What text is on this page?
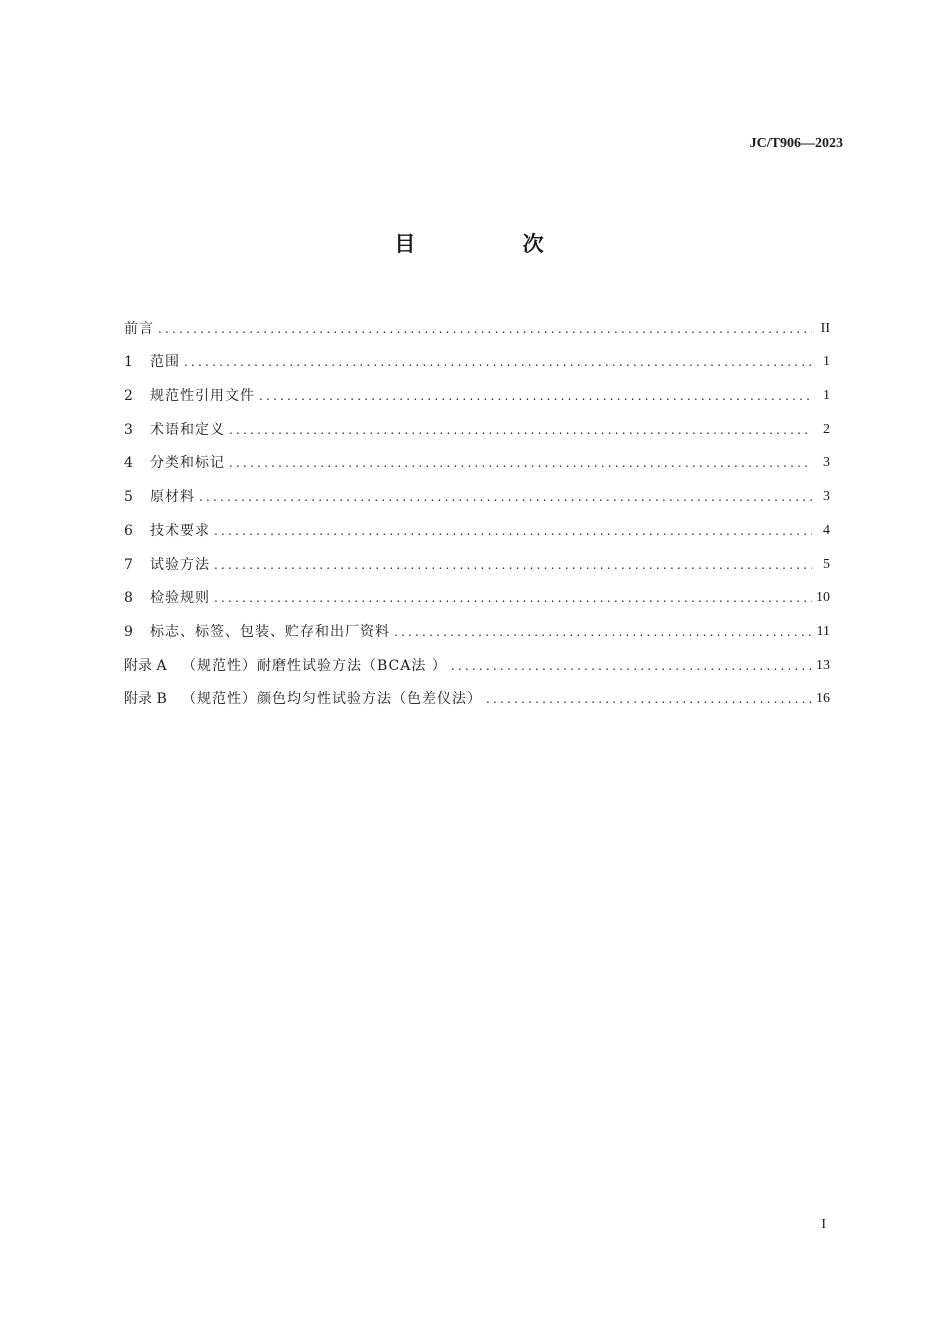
JC/T906—2023
目 次
前言 .....	II
1	范围 .....	1
2	规范性引用文件 .....	1
3	术语和定义 .....	2
4	分类和标记 .....	3
5	原材料 .....	3
6	技术要求 .....	4
7	试验方法 .....	5
8	检验规则 .....	10
9	标志、标签、包装、贮存和出厂资料 .....	11
附录 A	（规范性）耐磨性试验方法（BCA法 ） .....	13
附录 B	（规范性）颜色均匀性试验方法（色差仪法） .....	16
I
